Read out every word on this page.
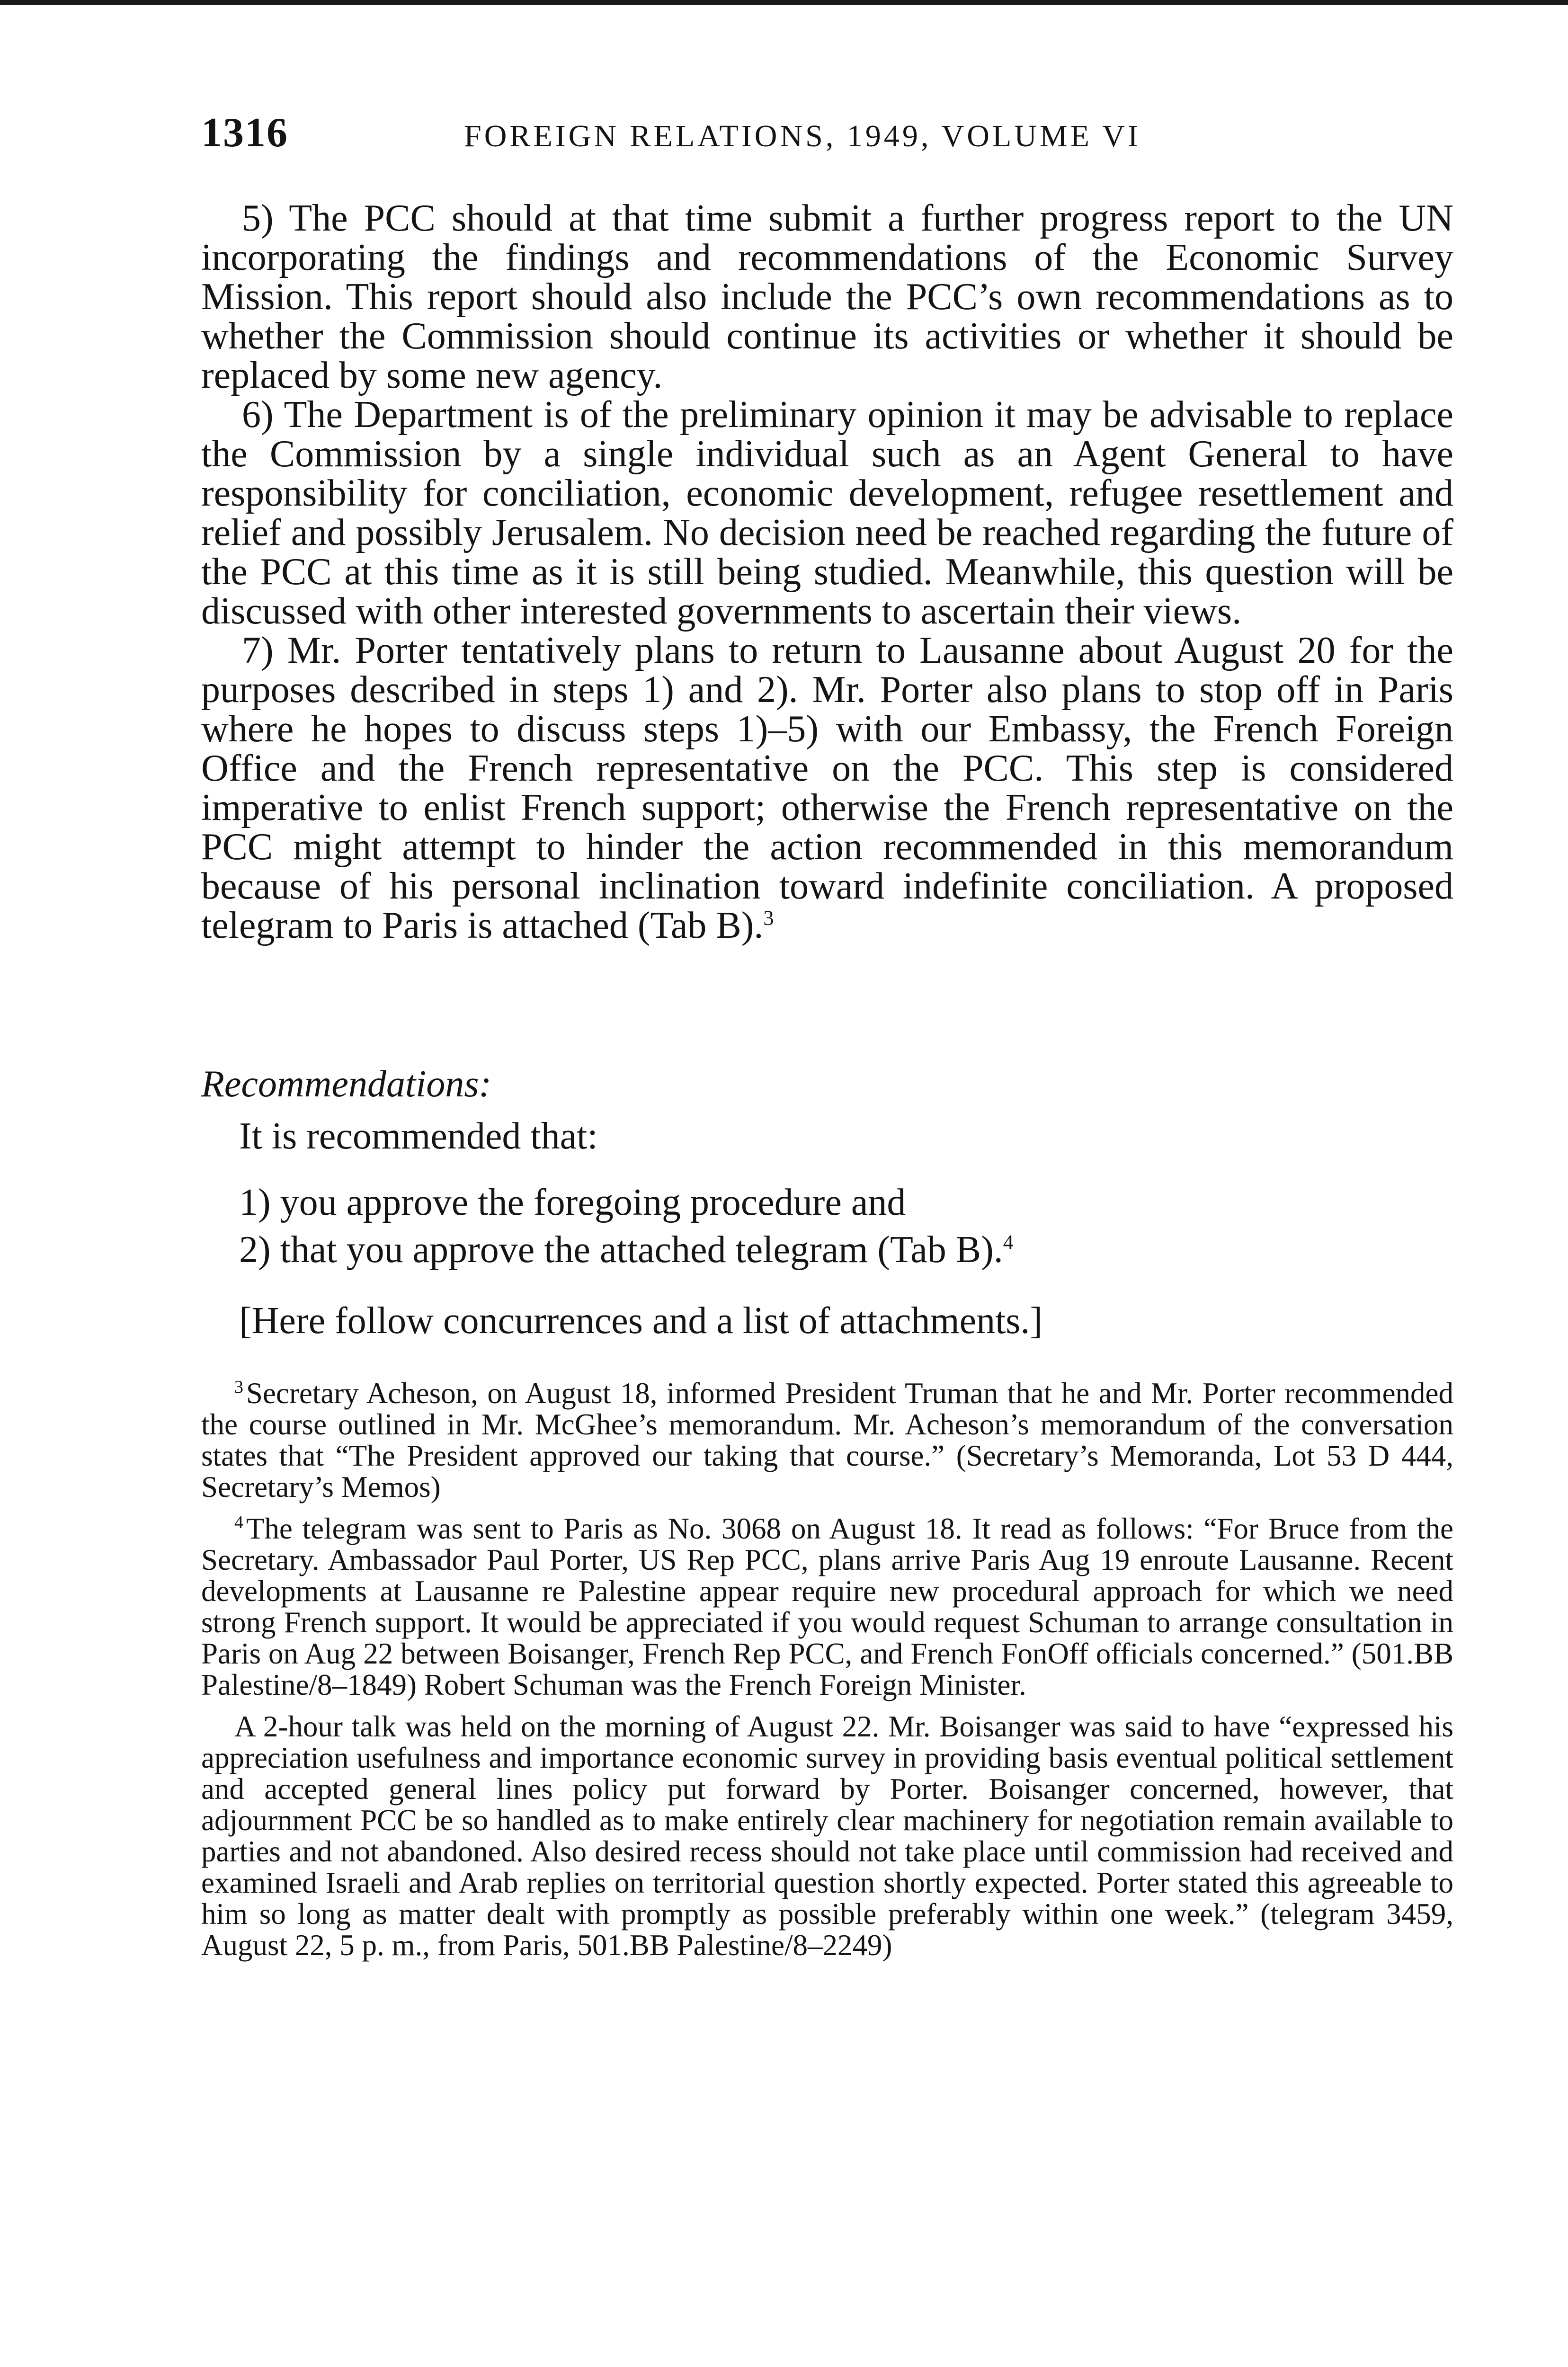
1316	FOREIGN RELATIONS, 1949, VOLUME VI

5) The PCC should at that time submit a further progress report to the UN incorporating the findings and recommendations of the Economic Survey Mission. This report should also include the PCC’s own recommendations as to whether the Commission should continue its activities or whether it should be replaced by some new agency.

6) The Department is of the preliminary opinion it may be advisable to replace the Commission by a single individual such as an Agent General to have responsibility for conciliation, economic development, refugee resettlement and relief and possibly Jerusalem. No decision need be reached regarding the future of the PCC at this time as it is still being studied. Meanwhile, this question will be discussed with other interested governments to ascertain their views.

7) Mr. Porter tentatively plans to return to Lausanne about August 20 for the purposes described in steps 1) and 2). Mr. Porter also plans to stop off in Paris where he hopes to discuss steps 1)–5) with our Embassy, the French Foreign Office and the French representative on the PCC. This step is considered imperative to enlist French support; otherwise the French representative on the PCC might attempt to hinder the action recommended in this memorandum because of his personal inclination toward indefinite conciliation. A proposed telegram to Paris is attached (Tab B).$^3$

Recommendations:

It is recommended that:

1) you approve the foregoing procedure and
2) that you approve the attached telegram (Tab B).$^4$

[Here follow concurrences and a list of attachments.]

$^3$Secretary Acheson, on August 18, informed President Truman that he and Mr. Porter recommended the course outlined in Mr. McGhee’s memorandum. Mr. Acheson’s memorandum of the conversation states that “The President approved our taking that course.” (Secretary’s Memoranda, Lot 53 D 444, Secretary’s Memos)

$^4$The telegram was sent to Paris as No. 3068 on August 18. It read as follows: “For Bruce from the Secretary. Ambassador Paul Porter, US Rep PCC, plans arrive Paris Aug 19 enroute Lausanne. Recent developments at Lausanne re Palestine appear require new procedural approach for which we need strong French support. It would be appreciated if you would request Schuman to arrange consultation in Paris on Aug 22 between Boisanger, French Rep PCC, and French FonOff officials concerned.” (501.BB Palestine/8–1849) Robert Schuman was the French Foreign Minister.

A 2-hour talk was held on the morning of August 22. Mr. Boisanger was said to have “expressed his appreciation usefulness and importance economic survey in providing basis eventual political settlement and accepted general lines policy put forward by Porter. Boisanger concerned, however, that adjournment PCC be so handled as to make entirely clear machinery for negotiation remain available to parties and not abandoned. Also desired recess should not take place until commission had received and examined Israeli and Arab replies on territorial question shortly expected. Porter stated this agreeable to him so long as matter dealt with promptly as possible preferably within one week.” (telegram 3459, August 22, 5 p. m., from Paris, 501.BB Palestine/8–2249)
